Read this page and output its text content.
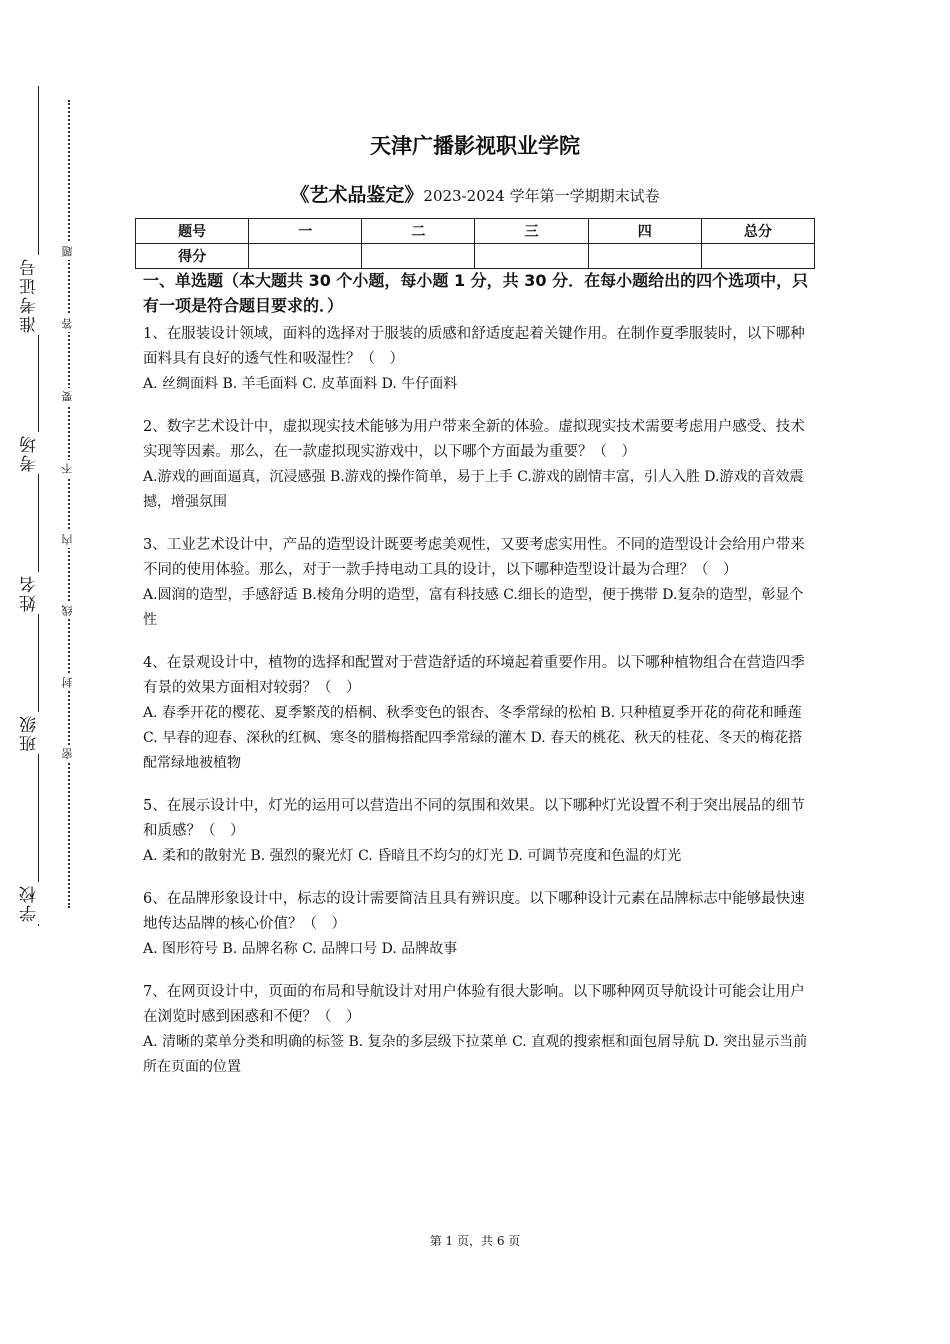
准考证号
考场
姓名
班级
学校
题
答
要
不
内
线
封
密
天津广播影视职业学院
《艺术品鉴定》2023-2024 学年第一学期期末试卷
题号	一	二	三	四	总分
得分					

一、单选题（本大题共 30 个小题，每小题 1 分，共 30 分．在每小题给出的四个选项中，只有一项是符合题目要求的．）

1、在服装设计领域，面料的选择对于服装的质感和舒适度起着关键作用。在制作夏季服装时，以下哪种面料具有良好的透气性和吸湿性？（　）

A. 丝绸面料 B. 羊毛面料 C. 皮革面料 D. 牛仔面料

2、数字艺术设计中，虚拟现实技术能够为用户带来全新的体验。虚拟现实技术需要考虑用户感受、技术实现等因素。那么，在一款虚拟现实游戏中，以下哪个方面最为重要？（　）

A.游戏的画面逼真，沉浸感强 B.游戏的操作简单，易于上手 C.游戏的剧情丰富，引人入胜 D.游戏的音效震撼，增强氛围

3、工业艺术设计中，产品的造型设计既要考虑美观性，又要考虑实用性。不同的造型设计会给用户带来不同的使用体验。那么，对于一款手持电动工具的设计，以下哪种造型设计最为合理？（　）

A.圆润的造型，手感舒适 B.棱角分明的造型，富有科技感 C.细长的造型，便于携带 D.复杂的造型，彰显个性

4、在景观设计中，植物的选择和配置对于营造舒适的环境起着重要作用。以下哪种植物组合在营造四季有景的效果方面相对较弱？（　）

A. 春季开花的樱花、夏季繁茂的梧桐、秋季变色的银杏、冬季常绿的松柏 B. 只种植夏季开花的荷花和睡莲 C. 早春的迎春、深秋的红枫、寒冬的腊梅搭配四季常绿的灌木 D. 春天的桃花、秋天的桂花、冬天的梅花搭配常绿地被植物

5、在展示设计中，灯光的运用可以营造出不同的氛围和效果。以下哪种灯光设置不利于突出展品的细节和质感？（　）

A. 柔和的散射光 B. 强烈的聚光灯 C. 昏暗且不均匀的灯光 D. 可调节亮度和色温的灯光

6、在品牌形象设计中，标志的设计需要简洁且具有辨识度。以下哪种设计元素在品牌标志中能够最快速地传达品牌的核心价值？（　）

A. 图形符号 B. 品牌名称 C. 品牌口号 D. 品牌故事

7、在网页设计中，页面的布局和导航设计对用户体验有很大影响。以下哪种网页导航设计可能会让用户在浏览时感到困惑和不便？（　）

A. 清晰的菜单分类和明确的标签 B. 复杂的多层级下拉菜单 C. 直观的搜索框和面包屑导航 D. 突出显示当前所在页面的位置

第 1 页，共 6 页
